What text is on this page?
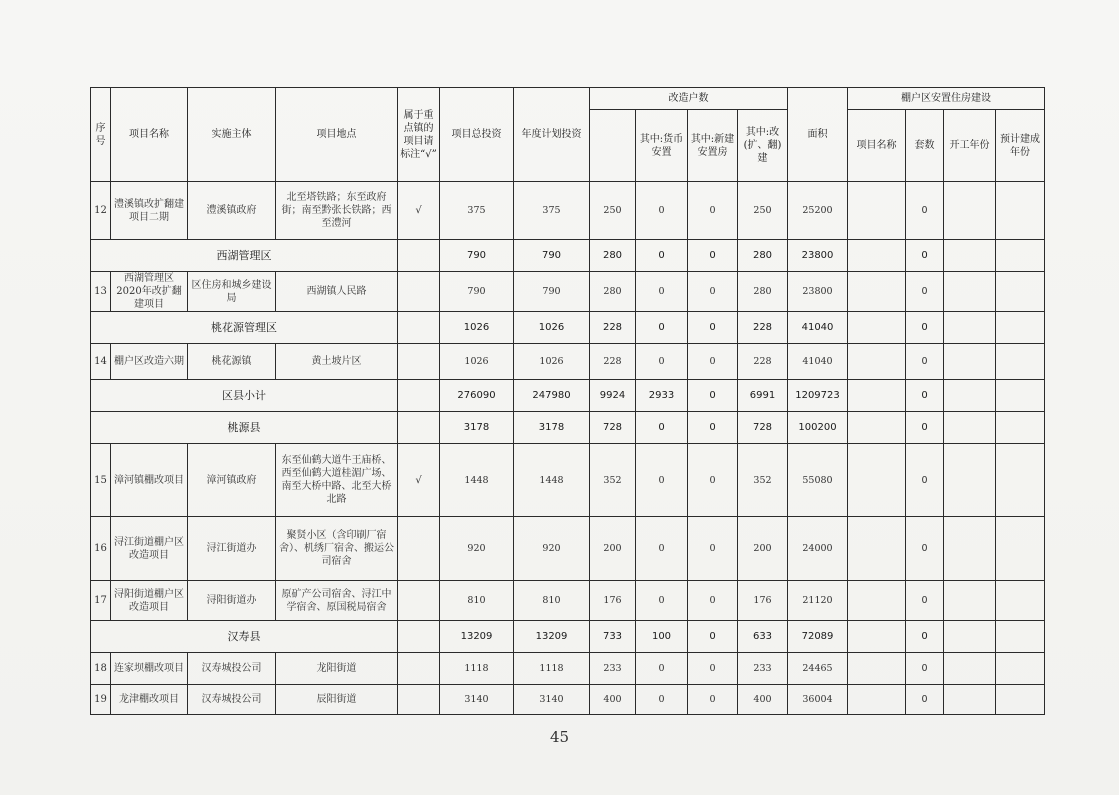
序号	项目名称	实施主体	项目地点	属于重点镇的项目请标注“√”	项目总投资	年度计划投资	改造户数				面积	棚户区安置住房建设			
								其中:货币安置	其中:新建安置房	其中:改(扩、翻)建		项目名称	套数	开工年份	预计建成年份
12	澧溪镇改扩翻建项目二期	澧溪镇政府	北至塔铁路；东至政府街；南至黔张长铁路；西至澧河	√	375	375	250	0	0	250	25200		0		
西湖管理区					790	790	280	0	0	280	23800		0		
13	西湖管理区2020年改扩翻建项目	区住房和城乡建设局	西湖镇人民路		790	790	280	0	0	280	23800		0		
桃花源管理区					1026	1026	228	0	0	228	41040		0		
14	棚户区改造六期	桃花源镇	黄土坡片区		1026	1026	228	0	0	228	41040		0		
区县小计					276090	247980	9924	2933	0	6991	1209723		0		
桃源县					3178	3178	728	0	0	728	100200		0		
15	漳河镇棚改项目	漳河镇政府	东至仙鹤大道牛王庙桥、西至仙鹤大道桂湄广场、南至大桥中路、北至大桥北路	√	1448	1448	352	0	0	352	55080		0		
16	浔江街道棚户区改造项目	浔江街道办	聚贤小区（含印刷厂宿舍）、机绣厂宿舍、搬运公司宿舍		920	920	200	0	0	200	24000		0		
17	浔阳街道棚户区改造项目	浔阳街道办	原矿产公司宿舍、浔江中学宿舍、原国税局宿舍		810	810	176	0	0	176	21120		0		
汉寿县					13209	13209	733	100	0	633	72089		0		
18	连家坝棚改项目	汉寿城投公司	龙阳街道		1118	1118	233	0	0	233	24465		0		
19	龙津棚改项目	汉寿城投公司	辰阳街道		3140	3140	400	0	0	400	36004		0		
45
